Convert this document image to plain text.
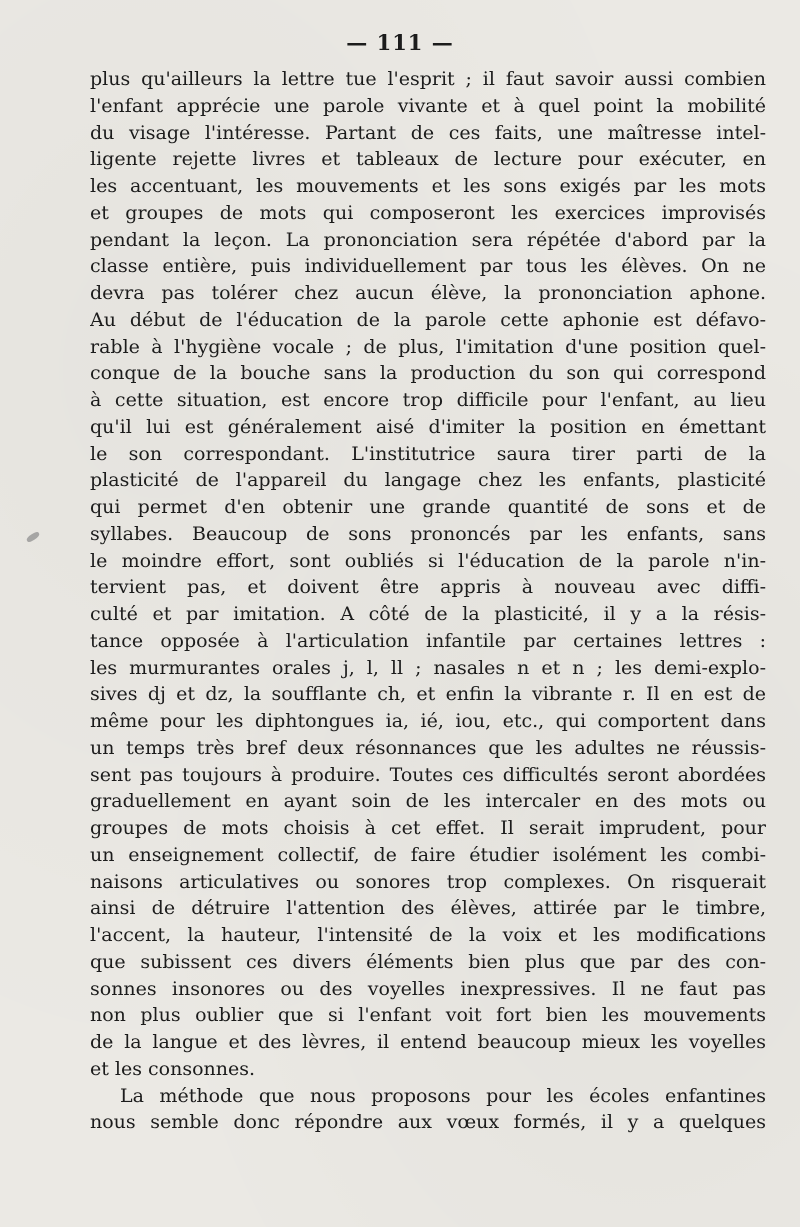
— 111 —
plus qu'ailleurs la lettre tue l'esprit ; il faut savoir aussi combien
l'enfant apprécie une parole vivante et à quel point la mobilité
du visage l'intéresse. Partant de ces faits, une maîtresse intel-
ligente rejette livres et tableaux de lecture pour exécuter, en
les accentuant, les mouvements et les sons exigés par les mots
et groupes de mots qui composeront les exercices improvisés
pendant la leçon. La prononciation sera répétée d'abord par la
classe entière, puis individuellement par tous les élèves. On ne
devra pas tolérer chez aucun élève, la prononciation aphone.
Au début de l'éducation de la parole cette aphonie est défavo-
rable à l'hygiène vocale ; de plus, l'imitation d'une position quel-
conque de la bouche sans la production du son qui correspond
à cette situation, est encore trop difficile pour l'enfant, au lieu
qu'il lui est généralement aisé d'imiter la position en émettant
le son correspondant. L'institutrice saura tirer parti de la
plasticité de l'appareil du langage chez les enfants, plasticité
qui permet d'en obtenir une grande quantité de sons et de
syllabes. Beaucoup de sons prononcés par les enfants, sans
le moindre effort, sont oubliés si l'éducation de la parole n'in-
tervient pas, et doivent être appris à nouveau avec diffi-
culté et par imitation. A côté de la plasticité, il y a la résis-
tance opposée à l'articulation infantile par certaines lettres :
les murmurantes orales j, l, ll ; nasales n et n ; les demi-explo-
sives dj et dz, la soufflante ch, et enfin la vibrante r. Il en est de
même pour les diphtongues ia, ié, iou, etc., qui comportent dans
un temps très bref deux résonnances que les adultes ne réussis-
sent pas toujours à produire. Toutes ces difficultés seront abordées
graduellement en ayant soin de les intercaler en des mots ou
groupes de mots choisis à cet effet. Il serait imprudent, pour
un enseignement collectif, de faire étudier isolément les combi-
naisons articulatives ou sonores trop complexes. On risquerait
ainsi de détruire l'attention des élèves, attirée par le timbre,
l'accent, la hauteur, l'intensité de la voix et les modifications
que subissent ces divers éléments bien plus que par des con-
sonnes insonores ou des voyelles inexpressives. Il ne faut pas
non plus oublier que si l'enfant voit fort bien les mouvements
de la langue et des lèvres, il entend beaucoup mieux les voyelles
et les consonnes.
La méthode que nous proposons pour les écoles enfantines
nous semble donc répondre aux vœux formés, il y a quelques
